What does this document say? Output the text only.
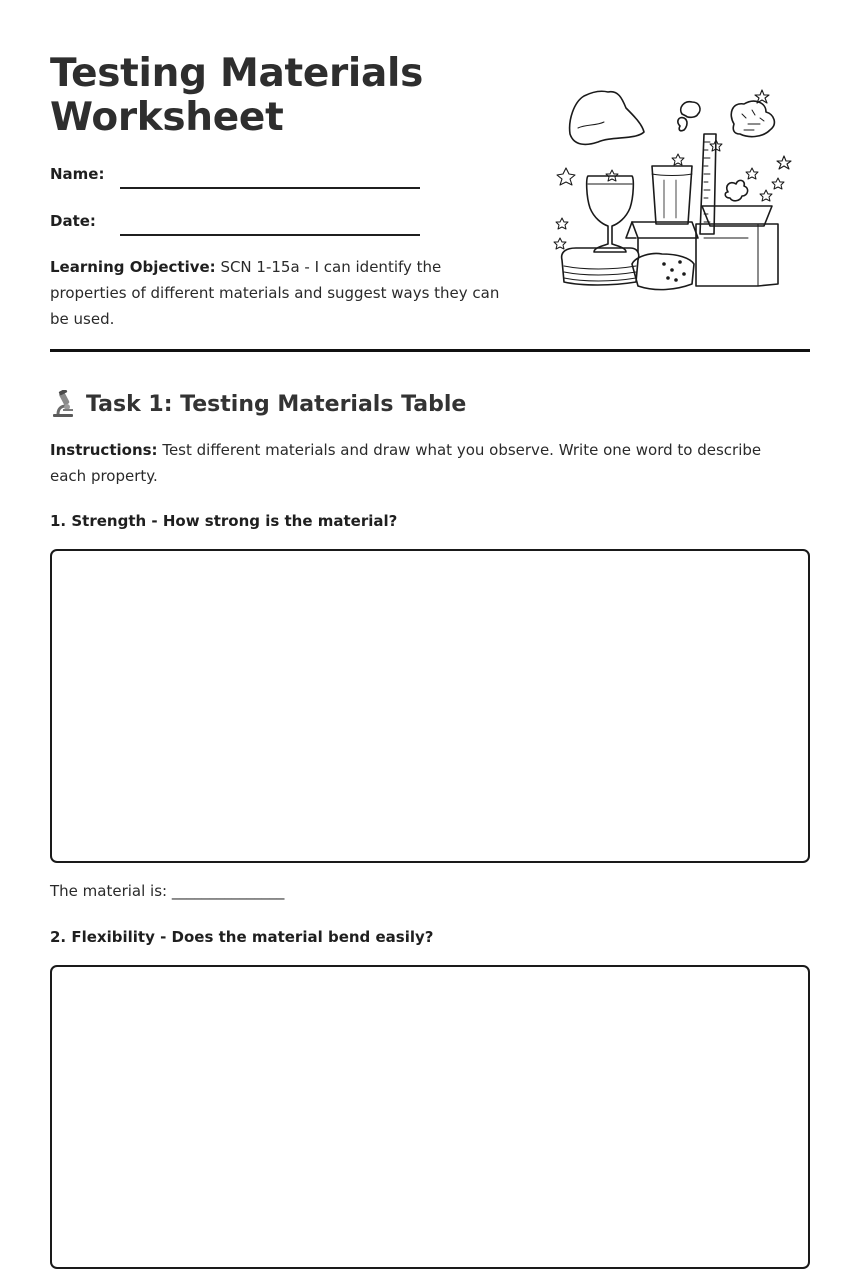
Testing Materials
Worksheet
Name:
Date:
Learning Objective: SCN 1-15a - I can identify the properties of different materials and suggest ways they can be used.
Task 1: Testing Materials Table
Instructions: Test different materials and draw what you observe. Write one word to describe each property.
1. Strength - How strong is the material?
The material is: _______________
2. Flexibility - Does the material bend easily?
